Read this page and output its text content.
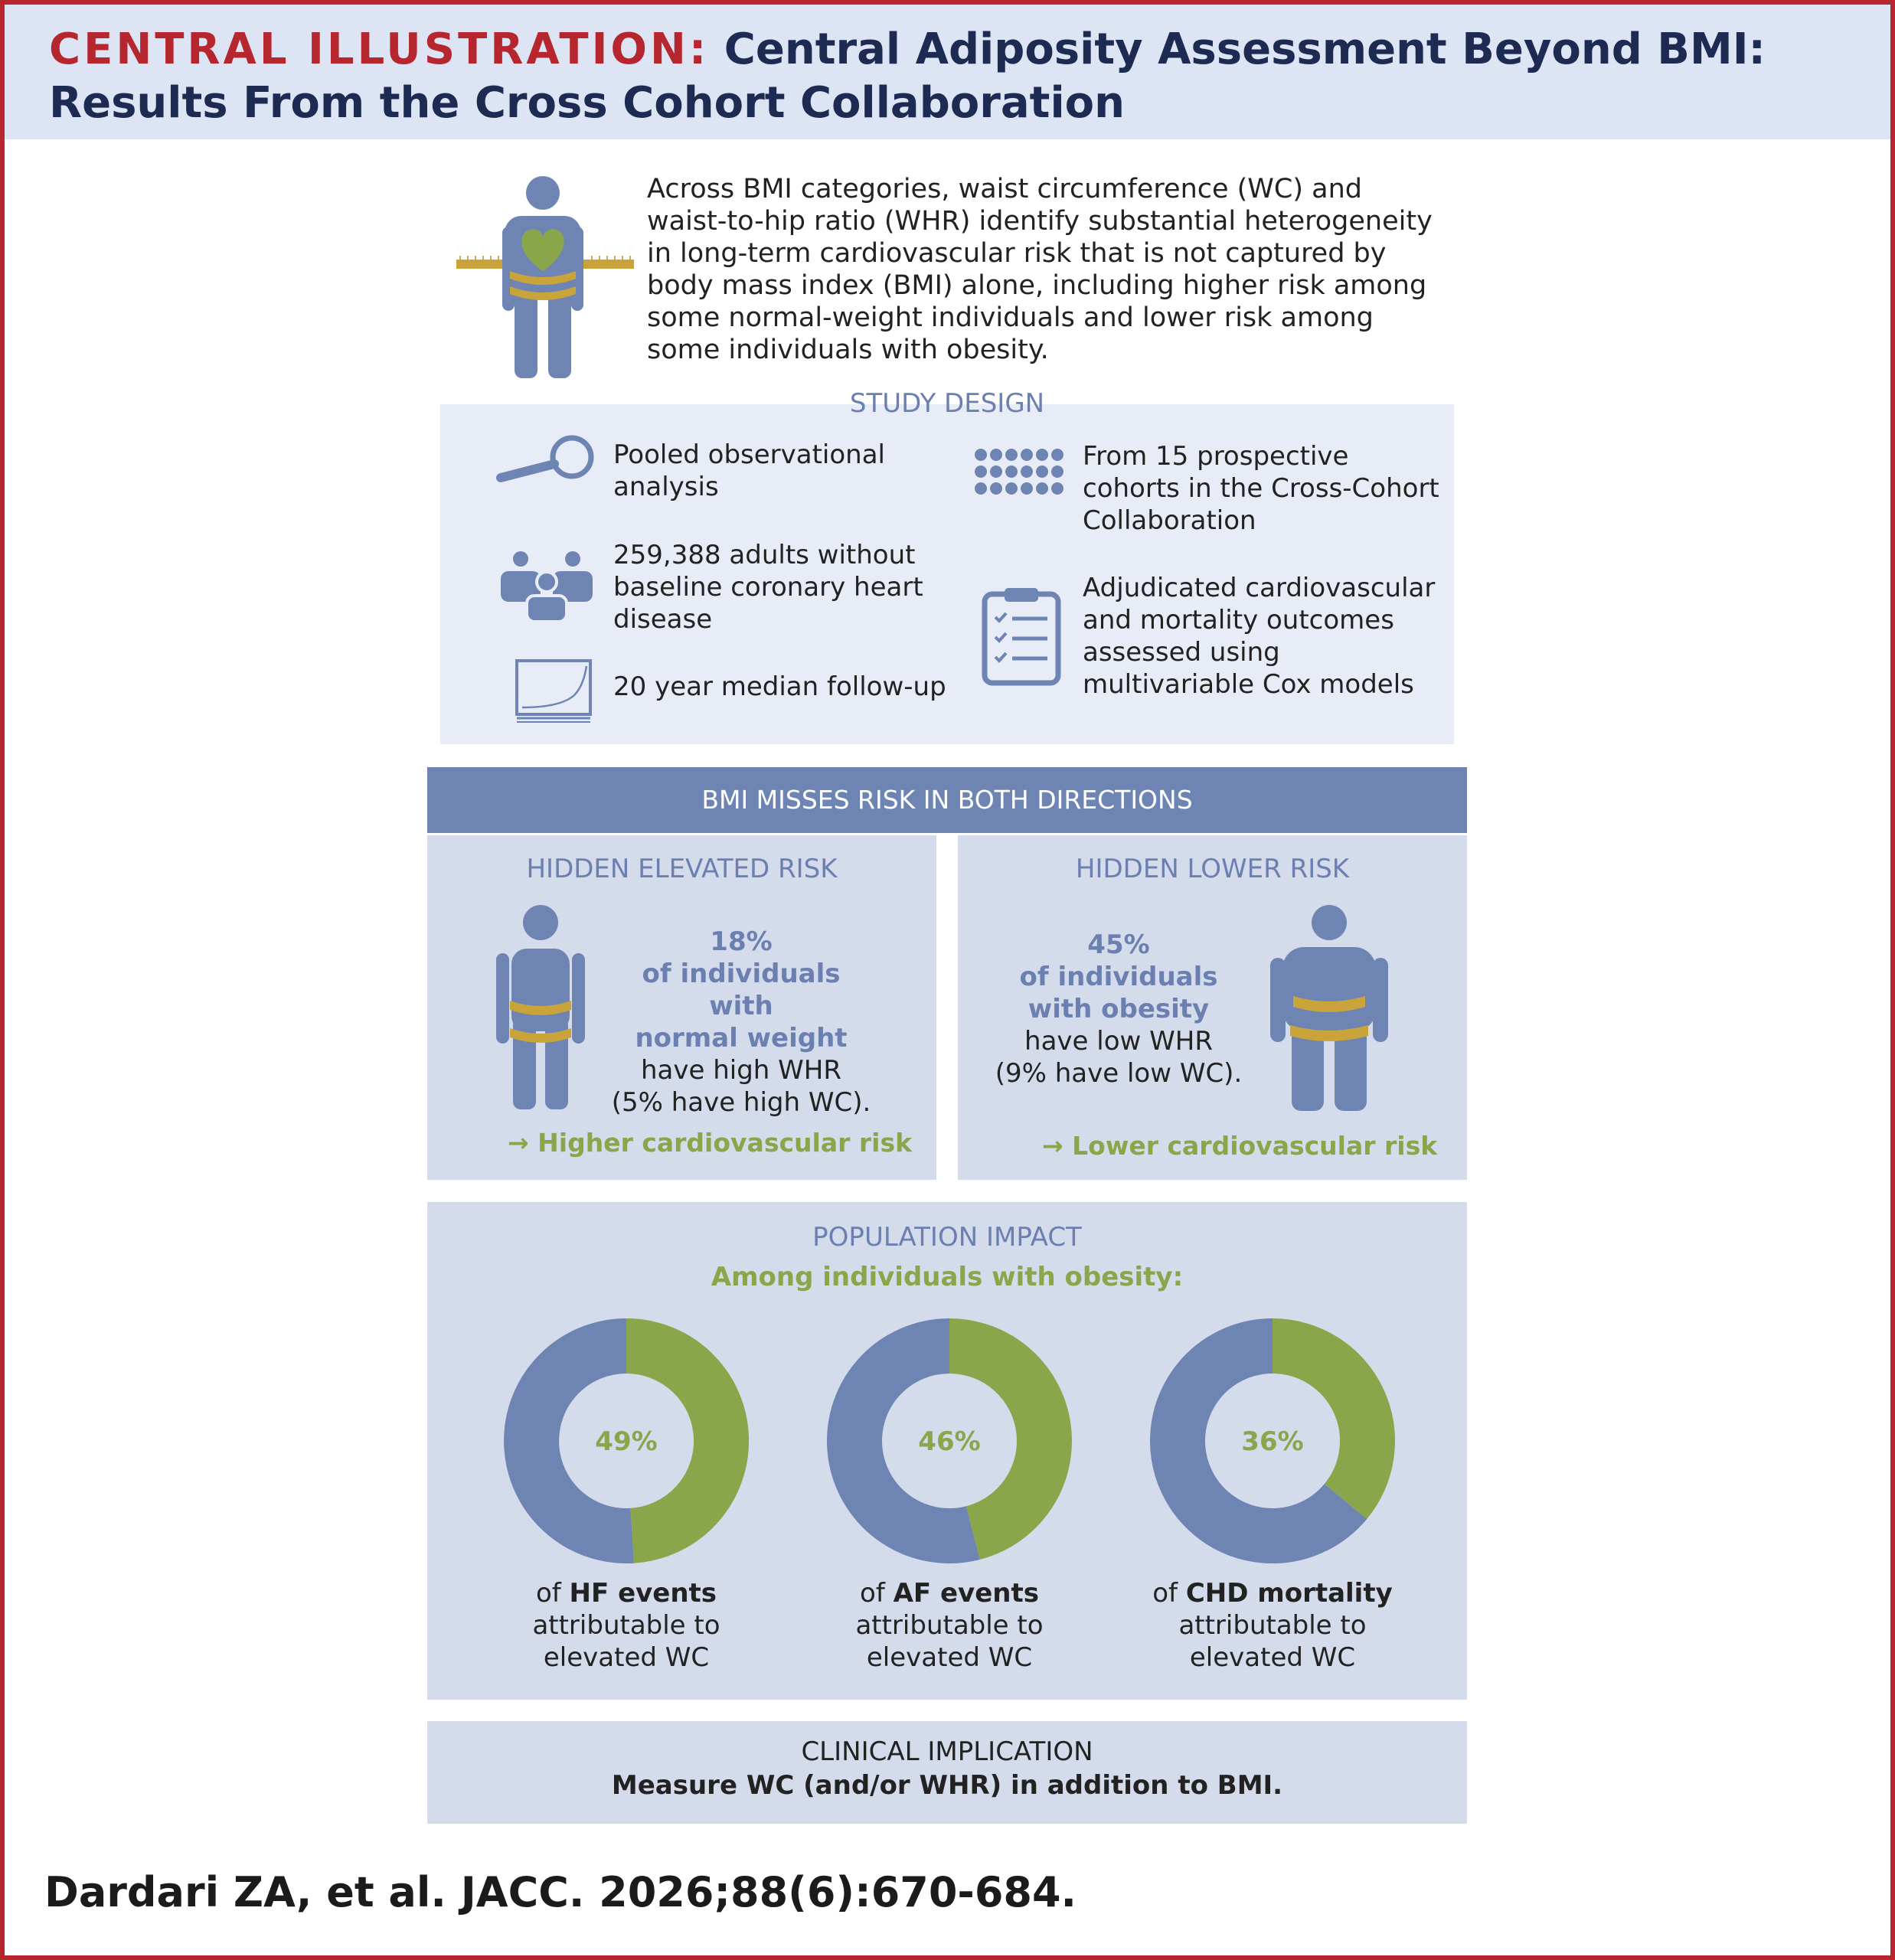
CENTRAL ILLUSTRATION: Central Adiposity Assessment Beyond BMI:
Results From the Cross Cohort Collaboration
Across BMI categories, waist circumference (WC) and waist-to-hip ratio (WHR) identify substantial heterogeneity in long-term cardiovascular risk that is not captured by body mass index (BMI) alone, including higher risk among some normal-weight individuals and lower risk among some individuals with obesity.
STUDY DESIGN
Pooled observational analysis
259,388 adults without baseline coronary heart disease
20 year median follow-up
From 15 prospective cohorts in the Cross-Cohort Collaboration
Adjudicated cardiovascular and mortality outcomes assessed using multivariable Cox models
BMI MISSES RISK IN BOTH DIRECTIONS
HIDDEN ELEVATED RISK
18%
of individuals with
normal weight
have high WHR
(5% have high WC).
→ Higher cardiovascular risk
HIDDEN LOWER RISK
45%
of individuals
with obesity
have low WHR
(9% have low WC).
→ Lower cardiovascular risk
POPULATION IMPACT
Among individuals with obesity:
49%	46%	36%
of HF events
attributable to
elevated WC
of AF events
attributable to
elevated WC
of CHD mortality
attributable to
elevated WC
CLINICAL IMPLICATION
Measure WC (and/or WHR) in addition to BMI.
Dardari ZA, et al. JACC. 2026;88(6):670-684.
